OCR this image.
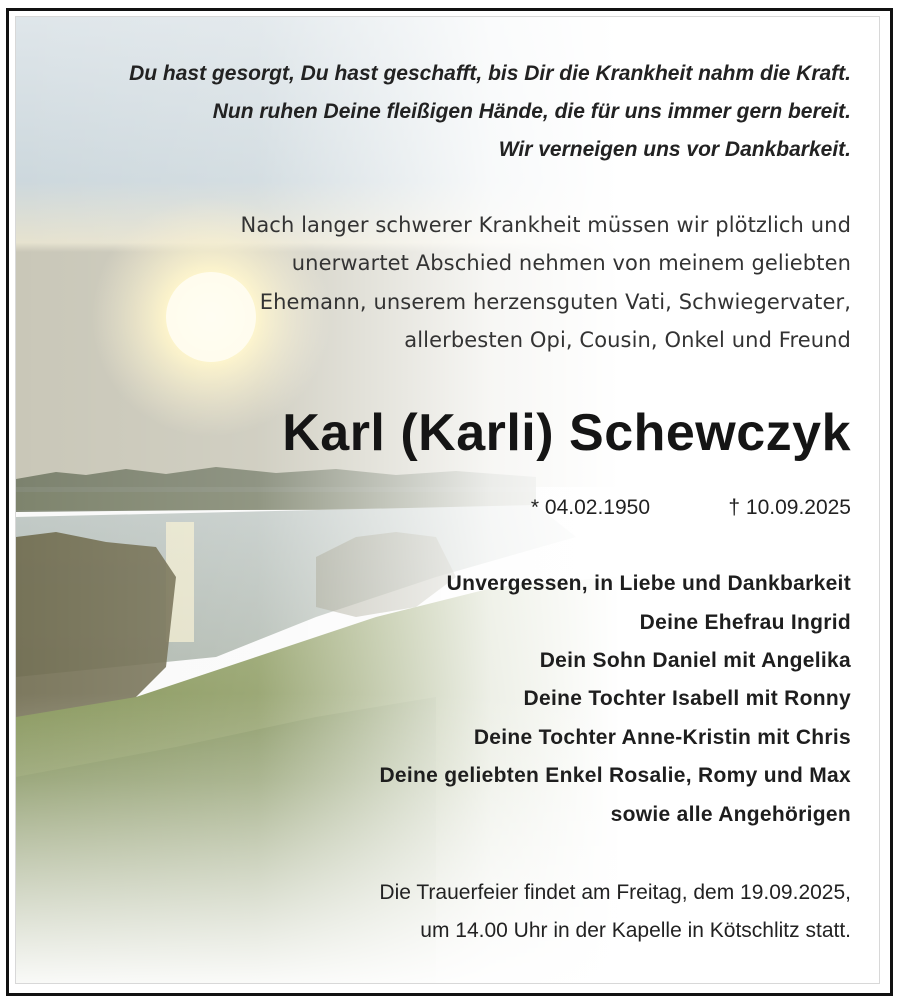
Du hast gesorgt, Du hast geschafft, bis Dir die Krankheit nahm die Kraft.
Nun ruhen Deine fleißigen Hände, die für uns immer gern bereit.
Wir verneigen uns vor Dankbarkeit.
Nach langer schwerer Krankheit müssen wir plötzlich und
unerwartet Abschied nehmen von meinem geliebten
Ehemann, unserem herzensguten Vati, Schwiegervater,
allerbesten Opi, Cousin, Onkel und Freund
Karl (Karli) Schewczyk
* 04.02.1950	† 10.09.2025
Unvergessen, in Liebe und Dankbarkeit
Deine Ehefrau Ingrid
Dein Sohn Daniel mit Angelika
Deine Tochter Isabell mit Ronny
Deine Tochter Anne-Kristin mit Chris
Deine geliebten Enkel Rosalie, Romy und Max
sowie alle Angehörigen
Die Trauerfeier findet am Freitag, dem 19.09.2025,
um 14.00 Uhr in der Kapelle in Kötschlitz statt.
